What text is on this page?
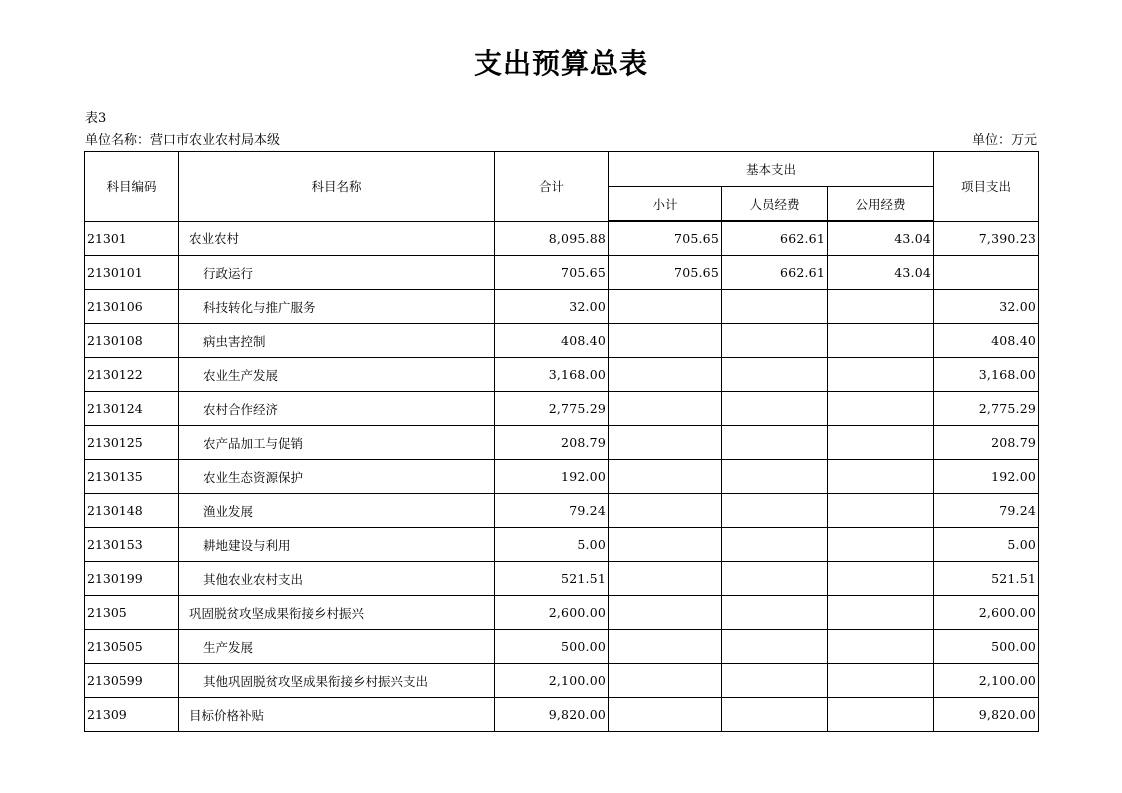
支出预算总表
表3
单位名称：营口市农业农村局本级	单位：万元
科目编码	科目名称	合计	基本支出			项目支出
			小计	人员经费	公用经费	
21301	农业农村	8,095.88	705.65	662.61	43.04	7,390.23
2130101	行政运行	705.65	705.65	662.61	43.04	
2130106	科技转化与推广服务	32.00				32.00
2130108	病虫害控制	408.40				408.40
2130122	农业生产发展	3,168.00				3,168.00
2130124	农村合作经济	2,775.29				2,775.29
2130125	农产品加工与促销	208.79				208.79
2130135	农业生态资源保护	192.00				192.00
2130148	渔业发展	79.24				79.24
2130153	耕地建设与利用	5.00				5.00
2130199	其他农业农村支出	521.51				521.51
21305	巩固脱贫攻坚成果衔接乡村振兴	2,600.00				2,600.00
2130505	生产发展	500.00				500.00
2130599	其他巩固脱贫攻坚成果衔接乡村振兴支出	2,100.00				2,100.00
21309	目标价格补贴	9,820.00				9,820.00
